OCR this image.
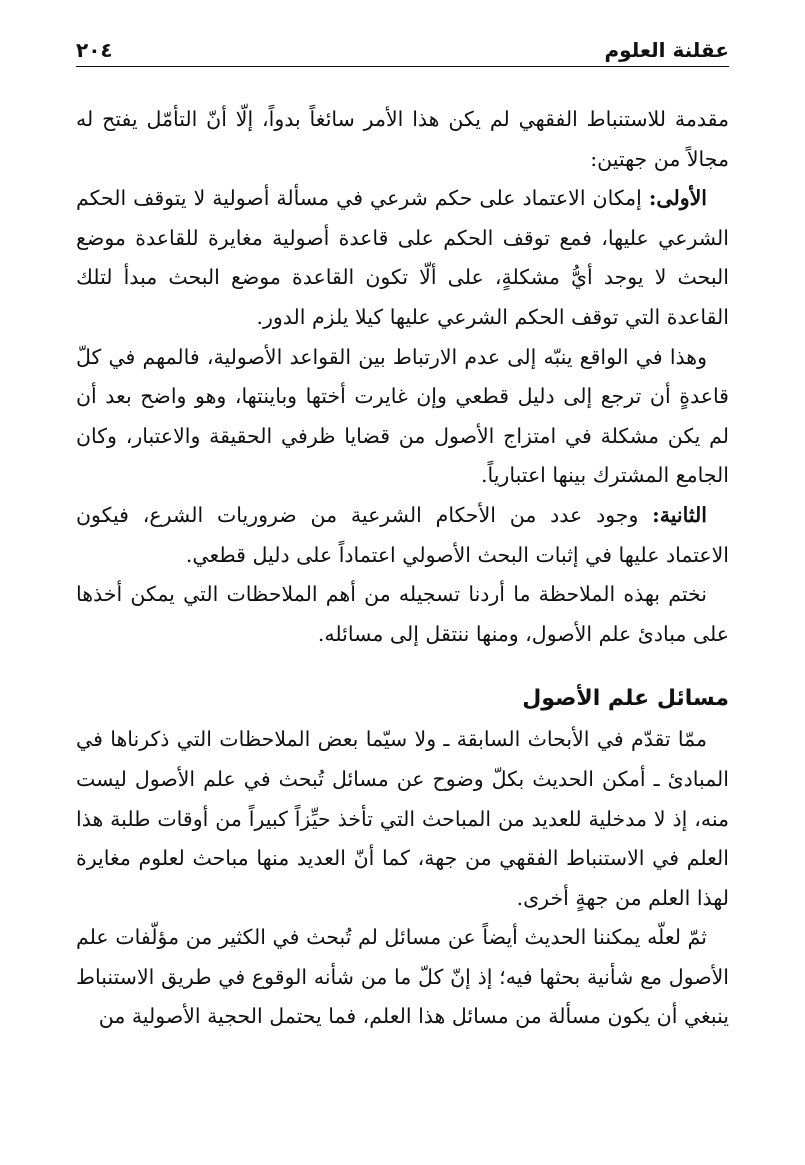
عقلنة العلوم
٢٠٤

مقدمة للاستنباط الفقهي لم يكن هذا الأمر سائغاً بدواً، إلّا أنّ التأمّل يفتح له مجالاً من جهتين:

الأولى: إمكان الاعتماد على حكم شرعي في مسألة أصولية لا يتوقف الحكم الشرعي عليها، فمع توقف الحكم على قاعدة أصولية مغايرة للقاعدة موضع البحث لا يوجد أيُّ مشكلةٍ، على ألّا تكون القاعدة موضع البحث مبدأ لتلك القاعدة التي توقف الحكم الشرعي عليها كيلا يلزم الدور.

وهذا في الواقع ينبّه إلى عدم الارتباط بين القواعد الأصولية، فالمهم في كلّ قاعدةٍ أن ترجع إلى دليل قطعي وإن غايرت أختها وباينتها، وهو واضح بعد أن لم يكن مشكلة في امتزاج الأصول من قضايا ظرفي الحقيقة والاعتبار، وكان الجامع المشترك بينها اعتبارياً.

الثانية: وجود عدد من الأحكام الشرعية من ضروريات الشرع، فيكون الاعتماد عليها في إثبات البحث الأصولي اعتماداً على دليل قطعي.

نختم بهذه الملاحظة ما أردنا تسجيله من أهم الملاحظات التي يمكن أخذها على مبادئ علم الأصول، ومنها ننتقل إلى مسائله.

مسائل علم الأصول

ممّا تقدّم في الأبحاث السابقة ـ ولا سيّما بعض الملاحظات التي ذكرناها في المبادئ ـ أمكن الحديث بكلّ وضوح عن مسائل تُبحث في علم الأصول ليست منه، إذ لا مدخلية للعديد من المباحث التي تأخذ حيِّزاً كبيراً من أوقات طلبة هذا العلم في الاستنباط الفقهي من جهة، كما أنّ العديد منها مباحث لعلوم مغايرة لهذا العلم من جهةٍ أخرى.

ثمّ لعلّه يمكننا الحديث أيضاً عن مسائل لم تُبحث في الكثير من مؤلّفات علم الأصول مع شأنية بحثها فيه؛ إذ إنّ كلّ ما من شأنه الوقوع في طريق الاستنباط ينبغي أن يكون مسألة من مسائل هذا العلم، فما يحتمل الحجية الأصولية من
